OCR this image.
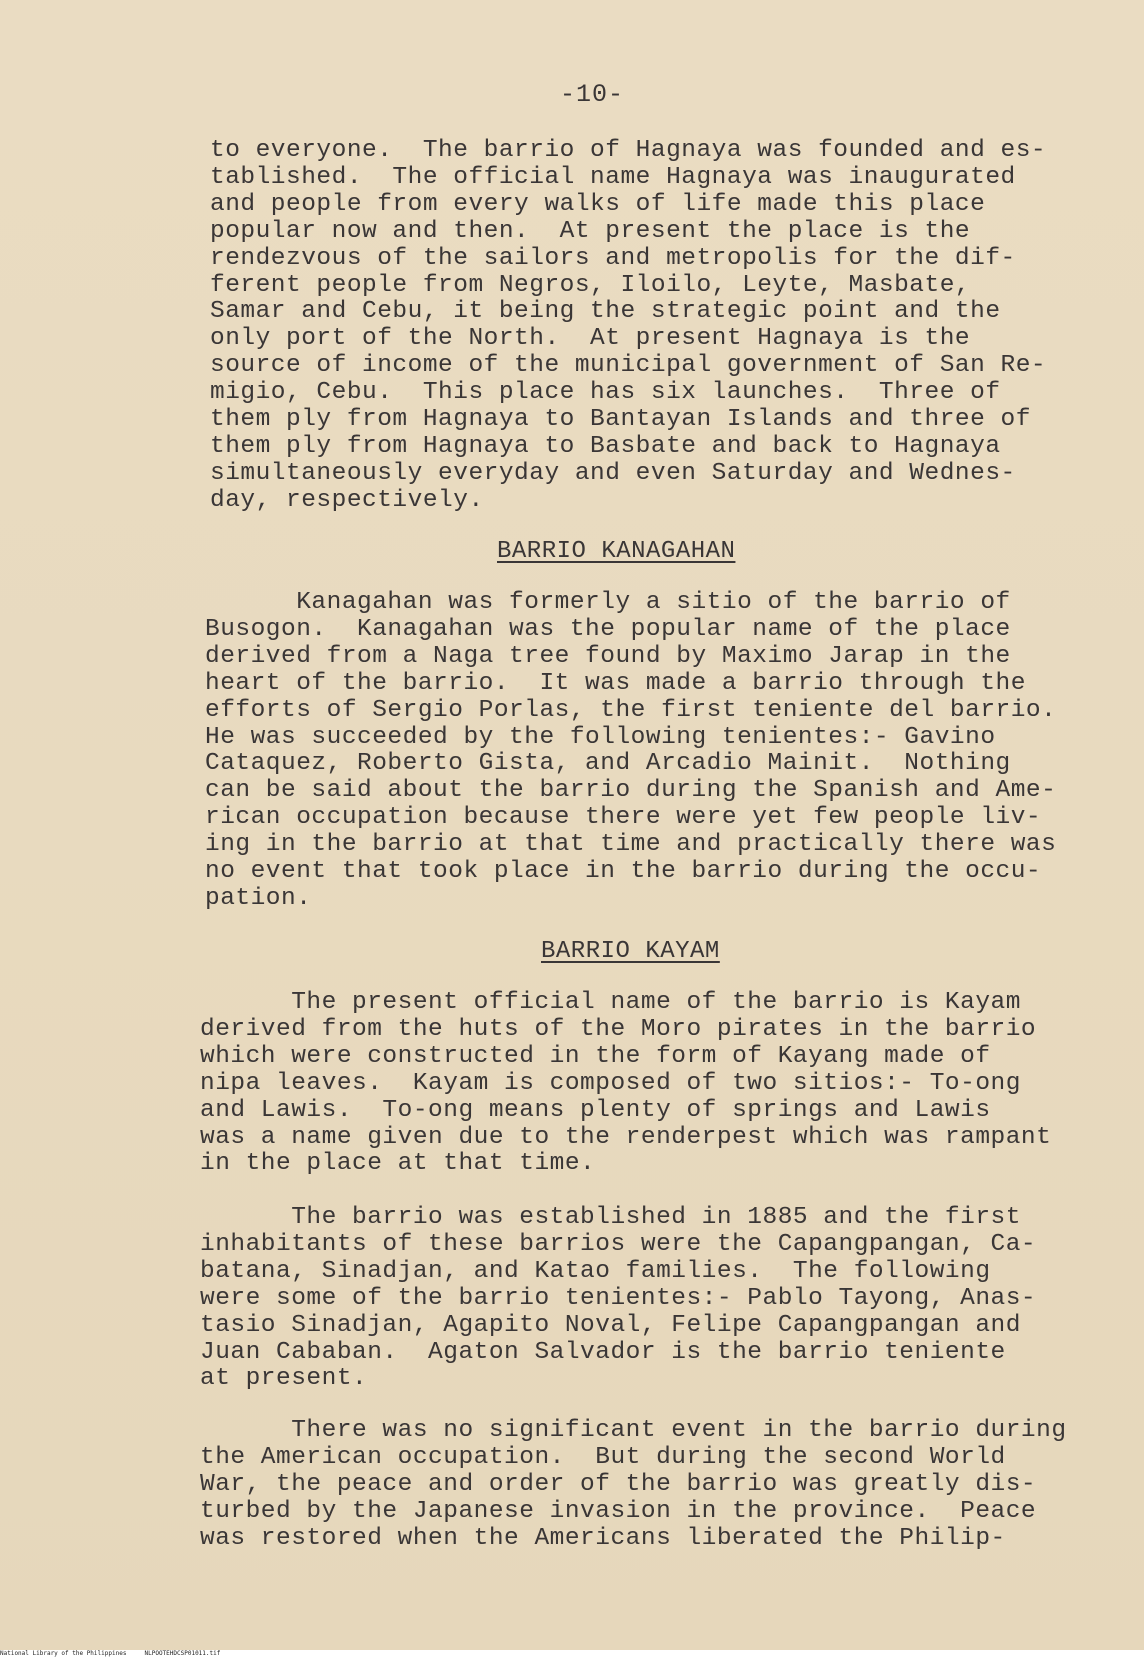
-10-

to everyone.  The barrio of Hagnaya was founded and es-
tablished.  The official name Hagnaya was inaugurated
and people from every walks of life made this place
popular now and then.  At present the place is the
rendezvous of the sailors and metropolis for the dif-
ferent people from Negros, Iloilo, Leyte, Masbate,
Samar and Cebu, it being the strategic point and the
only port of the North.  At present Hagnaya is the
source of income of the municipal government of San Re-
migio, Cebu.  This place has six launches.  Three of
them ply from Hagnaya to Bantayan Islands and three of
them ply from Hagnaya to Basbate and back to Hagnaya
simultaneously everyday and even Saturday and Wednes-
day, respectively.

BARRIO KANAGAHAN

Kanagahan was formerly a sitio of the barrio of
Busogon.  Kanagahan was the popular name of the place
derived from a Naga tree found by Maximo Jarap in the
heart of the barrio.  It was made a barrio through the
efforts of Sergio Porlas, the first teniente del barrio.
He was succeeded by the following tenientes:- Gavino
Cataquez, Roberto Gista, and Arcadio Mainit.  Nothing
can be said about the barrio during the Spanish and Ame-
rican occupation because there were yet few people liv-
ing in the barrio at that time and practically there was
no event that took place in the barrio during the occu-
pation.

BARRIO KAYAM

The present official name of the barrio is Kayam
derived from the huts of the Moro pirates in the barrio
which were constructed in the form of Kayang made of
nipa leaves.  Kayam is composed of two sitios:- To-ong
and Lawis.  To-ong means plenty of springs and Lawis
was a name given due to the renderpest which was rampant
in the place at that time.

The barrio was established in 1885 and the first
inhabitants of these barrios were the Capangpangan, Ca-
batana, Sinadjan, and Katao families.  The following
were some of the barrio tenientes:- Pablo Tayong, Anas-
tasio Sinadjan, Agapito Noval, Felipe Capangpangan and
Juan Cababan.  Agaton Salvador is the barrio teniente
at present.

There was no significant event in the barrio during
the American occupation.  But during the second World
War, the peace and order of the barrio was greatly dis-
turbed by the Japanese invasion in the province.  Peace
was restored when the Americans liberated the Philip-

National Library of the Philippines     NLPOOTEHDCSP01011.tif
